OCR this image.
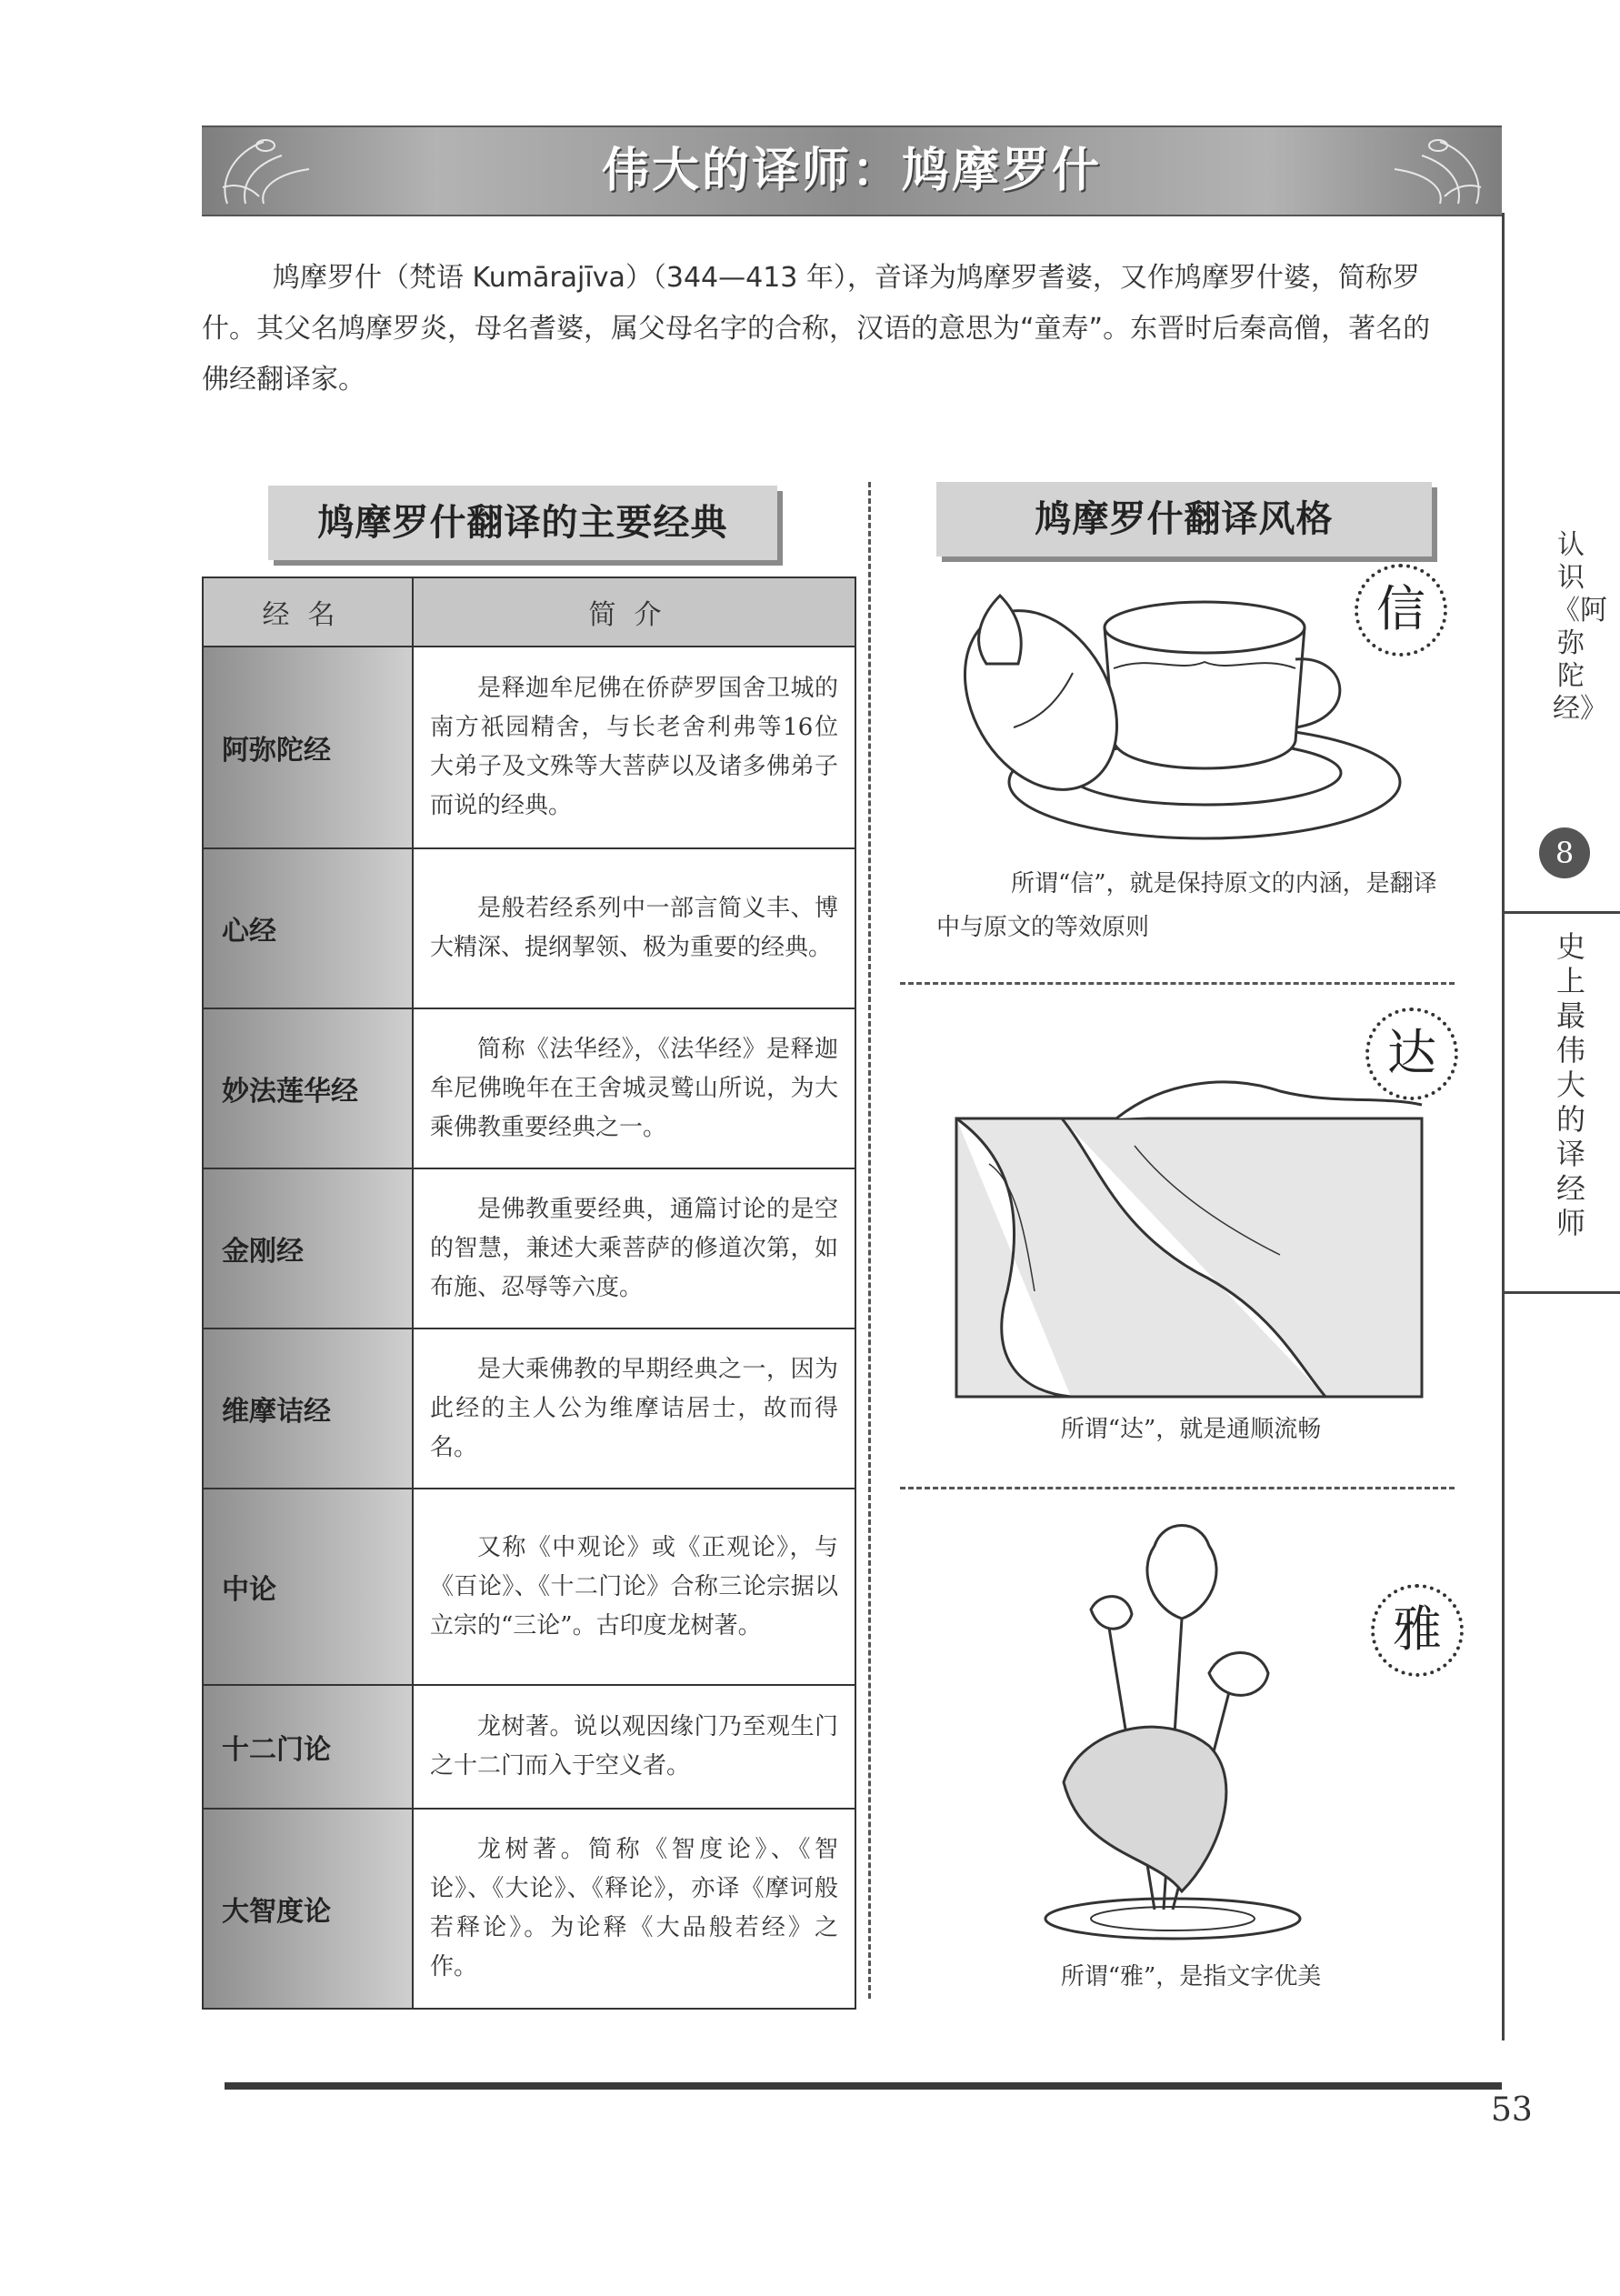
伟大的译师：鸠摩罗什
鸠摩罗什（梵语 Kumārajīva）（344—413 年），音译为鸠摩罗耆婆，又作鸠摩罗什婆，简称罗什。其父名鸠摩罗炎，母名耆婆，属父母名字的合称，汉语的意思为“童寿”。东晋时后秦高僧，著名的佛经翻译家。
鸠摩罗什翻译的主要经典	鸠摩罗什翻译风格
经名	简介
阿弥陀经	是释迦牟尼佛在侨萨罗国舍卫城的南方祇园精舍，与长老舍利弗等16位大弟子及文殊等大菩萨以及诸多佛弟子而说的经典。
心经	是般若经系列中一部言简义丰、博大精深、提纲挈领、极为重要的经典。
妙法莲华经	简称《法华经》，《法华经》是释迦牟尼佛晚年在王舍城灵鹫山所说，为大乘佛教重要经典之一。
金刚经	是佛教重要经典，通篇讨论的是空的智慧，兼述大乘菩萨的修道次第，如布施、忍辱等六度。
维摩诘经	是大乘佛教的早期经典之一，因为此经的主人公为维摩诘居士，故而得名。
中论	又称《中观论》或《正观论》，与《百论》、《十二门论》合称三论宗据以立宗的“三论”。古印度龙树著。
十二门论	龙树著。说以观因缘门乃至观生门之十二门而入于空义者。
大智度论	龙树著。简称《智度论》、《智论》、《大论》、《释论》，亦译《摩诃般若释论》。为论释《大品般若经》之作。
信
所谓“信”，就是保持原文的内涵，是翻译中与原文的等效原则
达
所谓“达”，就是通顺流畅
雅
所谓“雅”，是指文字优美
认识《阿弥陀经》
8
史上最伟大的译经师
53
